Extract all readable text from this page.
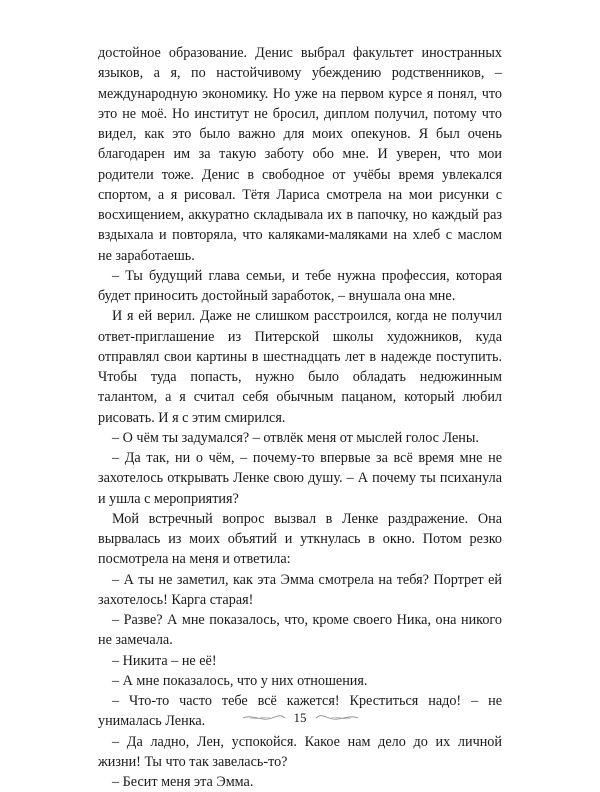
достойное образование. Денис выбрал факультет иностранных языков, а я, по настойчивому убеждению родственников, – международную экономику. Но уже на первом курсе я понял, что это не моё. Но институт не бросил, диплом получил, потому что видел, как это было важно для моих опекунов. Я был очень благодарен им за такую заботу обо мне. И уверен, что мои родители тоже. Денис в свободное от учёбы время увлекался спортом, а я рисовал. Тётя Лариса смотрела на мои рисунки с восхищением, аккуратно складывала их в папочку, но каждый раз вздыхала и повторяла, что каляками-маляками на хлеб с маслом не заработаешь.

– Ты будущий глава семьи, и тебе нужна профессия, которая будет приносить достойный заработок, – внушала она мне.

И я ей верил. Даже не слишком расстроился, когда не получил ответ-приглашение из Питерской школы художников, куда отправлял свои картины в шестнадцать лет в надежде поступить. Чтобы туда попасть, нужно было обладать недюжинным талантом, а я считал себя обычным пацаном, который любил рисовать. И я с этим смирился.

– О чём ты задумался? – отвлёк меня от мыслей голос Лены.

– Да так, ни о чём, – почему-то впервые за всё время мне не захотелось открывать Ленке свою душу. – А почему ты психанула и ушла с мероприятия?

Мой встречный вопрос вызвал в Ленке раздражение. Она вырвалась из моих объятий и уткнулась в окно. Потом резко посмотрела на меня и ответила:

– А ты не заметил, как эта Эмма смотрела на тебя? Портрет ей захотелось! Карга старая!

– Разве? А мне показалось, что, кроме своего Ника, она никого не замечала.

– Никита – не её!

– А мне показалось, что у них отношения.

– Что-то часто тебе всё кажется! Креститься надо! – не унималась Ленка.

– Да ладно, Лен, успокойся. Какое нам дело до их личной жизни! Ты что так завелась-то?

– Бесит меня эта Эмма.

15
